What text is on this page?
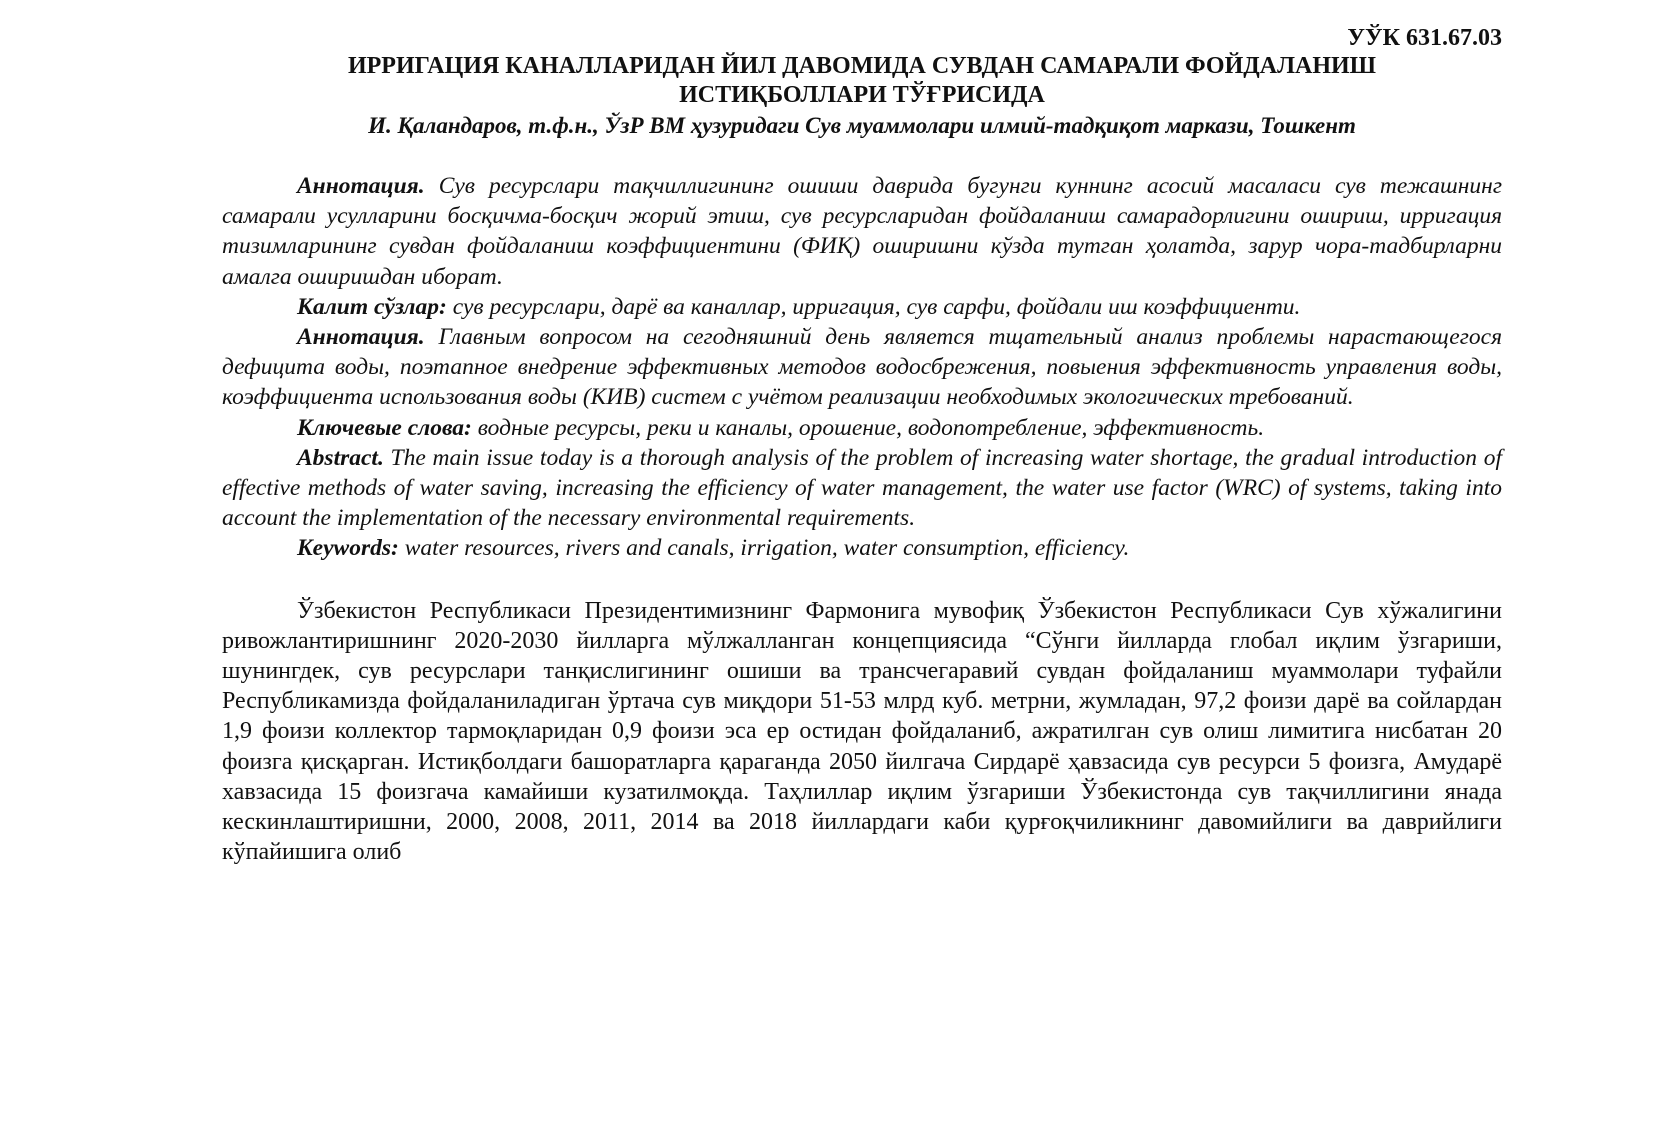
УЎК 631.67.03
ИРРИГАЦИЯ КАНАЛЛАРИДАН ЙИЛ ДАВОМИДА СУВДАН САМАРАЛИ ФОЙДАЛАНИШ
ИСТИҚБОЛЛАРИ ТЎҒРИСИДА
И. Қаландаров, т.ф.н., ЎзР ВМ ҳузуридаги Сув муаммолари илмий-тадқиқот маркази, Тошкент

Аннотация. Сув ресурслари тақчиллигининг ошиши даврида бугунги куннинг асосий масаласи сув тежашнинг самарали усулларини босқичма-босқич жорий этиш, сув ресурсларидан фойдаланиш самарадорлигини ошириш, ирригация тизимларининг сувдан фойдаланиш коэффициентини (ФИҚ) оширишни кўзда тутган ҳолатда, зарур чора-тадбирларни амалга оширишдан иборат.

Калит сўзлар: сув ресурслари, дарё ва каналлар, ирригация, сув сарфи, фойдали иш коэффициенти.

Аннотация. Главным вопросом на сегодняшний день является тщательный анализ проблемы нарастающегося дефицита воды, поэтапное внедрение эффективных методов водосбрежения, повыения эффективность управления воды, коэффициента использования воды (КИВ) систем с учётом реализации необходимых экологических требований.

Ключевые слова: водные ресурсы, реки и каналы, орошение, водопотребление, эффективность.

Abstract. The main issue today is a thorough analysis of the problem of increasing water shortage, the gradual introduction of effective methods of water saving, increasing the efficiency of water management, the water use factor (WRC) of systems, taking into account the implementation of the necessary environmental requirements.

Keywords: water resources, rivers and canals, irrigation, water consumption, efficiency.

Ўзбекистон Республикаси Президентимизнинг Фармонига мувофиқ Ўзбекистон Республикаси Сув хўжалигини ривожлантиришнинг 2020-2030 йилларга мўлжалланган концепциясида “Сўнги йилларда глобал иқлим ўзгариши, шунингдек, сув ресурслари танқислигининг ошиши ва трансчегаравий сувдан фойдаланиш муаммолари туфайли Республикамизда фойдаланиладиган ўртача сув миқдори 51-53 млрд куб. метрни, жумладан, 97,2 фоизи дарё ва сойлардан 1,9 фоизи коллектор тармоқларидан 0,9 фоизи эса ер остидан фойдаланиб, ажратилган сув олиш лимитига нисбатан 20 фоизга қисқарган. Истиқболдаги башоратларга қараганда 2050 йилгача Сирдарё ҳавзасида сув ресурси 5 фоизга, Амударё хавзасида 15 фоизгача камайиши кузатилмоқда. Таҳлиллар иқлим ўзгариши Ўзбекистонда сув тақчиллигини янада кескинлаштиришни, 2000, 2008, 2011, 2014 ва 2018 йиллардаги каби қурғоқчиликнинг давомийлиги ва даврийлиги кўпайишига олиб
